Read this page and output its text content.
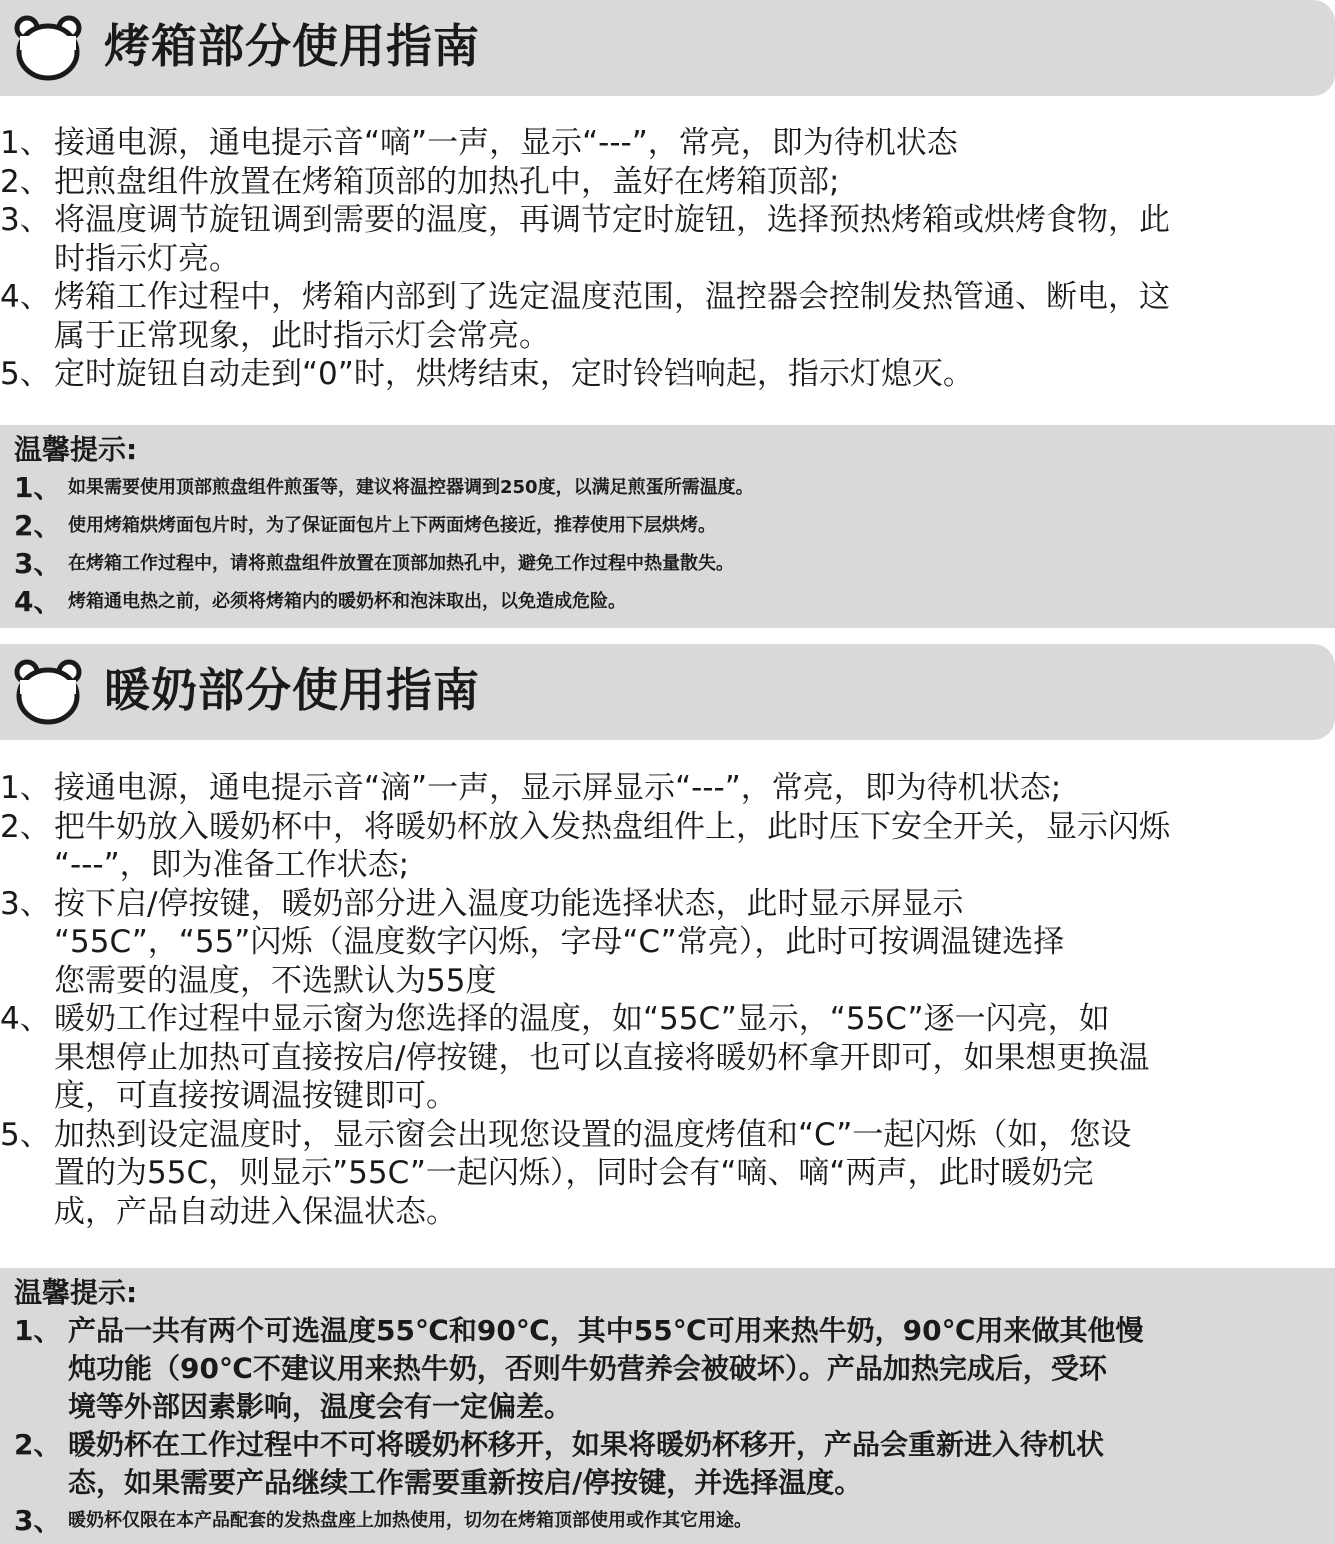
烤箱部分使用指南
1、 接通电源，通电提示音“嘀”一声，显示“---”，常亮，即为待机状态
2、 把煎盘组件放置在烤箱顶部的加热孔中，盖好在烤箱顶部;
3、 将温度调节旋钮调到需要的温度，再调节定时旋钮，选择预热烤箱或烘烤食物，此
时指示灯亮。
4、 烤箱工作过程中，烤箱内部到了选定温度范围，温控器会控制发热管通、断电，这
属于正常现象，此时指示灯会常亮。
5、 定时旋钮自动走到“0”时，烘烤结束，定时铃铛响起，指示灯熄灭。
温馨提示:
1、 如果需要使用顶部煎盘组件煎蛋等，建议将温控器调到250度，以满足煎蛋所需温度。
2、 使用烤箱烘烤面包片时，为了保证面包片上下两面烤色接近，推荐使用下层烘烤。
3、 在烤箱工作过程中，请将煎盘组件放置在顶部加热孔中，避免工作过程中热量散失。
4、 烤箱通电热之前，必须将烤箱内的暖奶杯和泡沫取出，以免造成危险。
暖奶部分使用指南
1、 接通电源，通电提示音“滴”一声，显示屏显示“---”，常亮，即为待机状态;
2、 把牛奶放入暖奶杯中，将暖奶杯放入发热盘组件上，此时压下安全开关，显示闪烁
“---”，即为准备工作状态;
3、 按下启/停按键，暖奶部分进入温度功能选择状态，此时显示屏显示
“55C”，“55”闪烁（温度数字闪烁，字母“C”常亮），此时可按调温键选择
您需要的温度，不选默认为55度
4、 暖奶工作过程中显示窗为您选择的温度，如“55C”显示，“55C”逐一闪亮，如
果想停止加热可直接按启/停按键，也可以直接将暖奶杯拿开即可，如果想更换温
度，可直接按调温按键即可。
5、 加热到设定温度时，显示窗会出现您设置的温度烤值和“C”一起闪烁（如，您设
置的为55C，则显示”55C”一起闪烁），同时会有“嘀、嘀“两声，此时暖奶完
成，产品自动进入保温状态。
温馨提示:
1、 产品一共有两个可选温度55℃和90℃，其中55℃可用来热牛奶，90℃用来做其他慢
炖功能（90℃不建议用来热牛奶，否则牛奶营养会被破坏）。产品加热完成后，受环
境等外部因素影响，温度会有一定偏差。
2、 暖奶杯在工作过程中不可将暖奶杯移开，如果将暖奶杯移开，产品会重新进入待机状
态，如果需要产品继续工作需要重新按启/停按键，并选择温度。
3、 暖奶杯仅限在本产品配套的发热盘座上加热使用，切勿在烤箱顶部使用或作其它用途。
